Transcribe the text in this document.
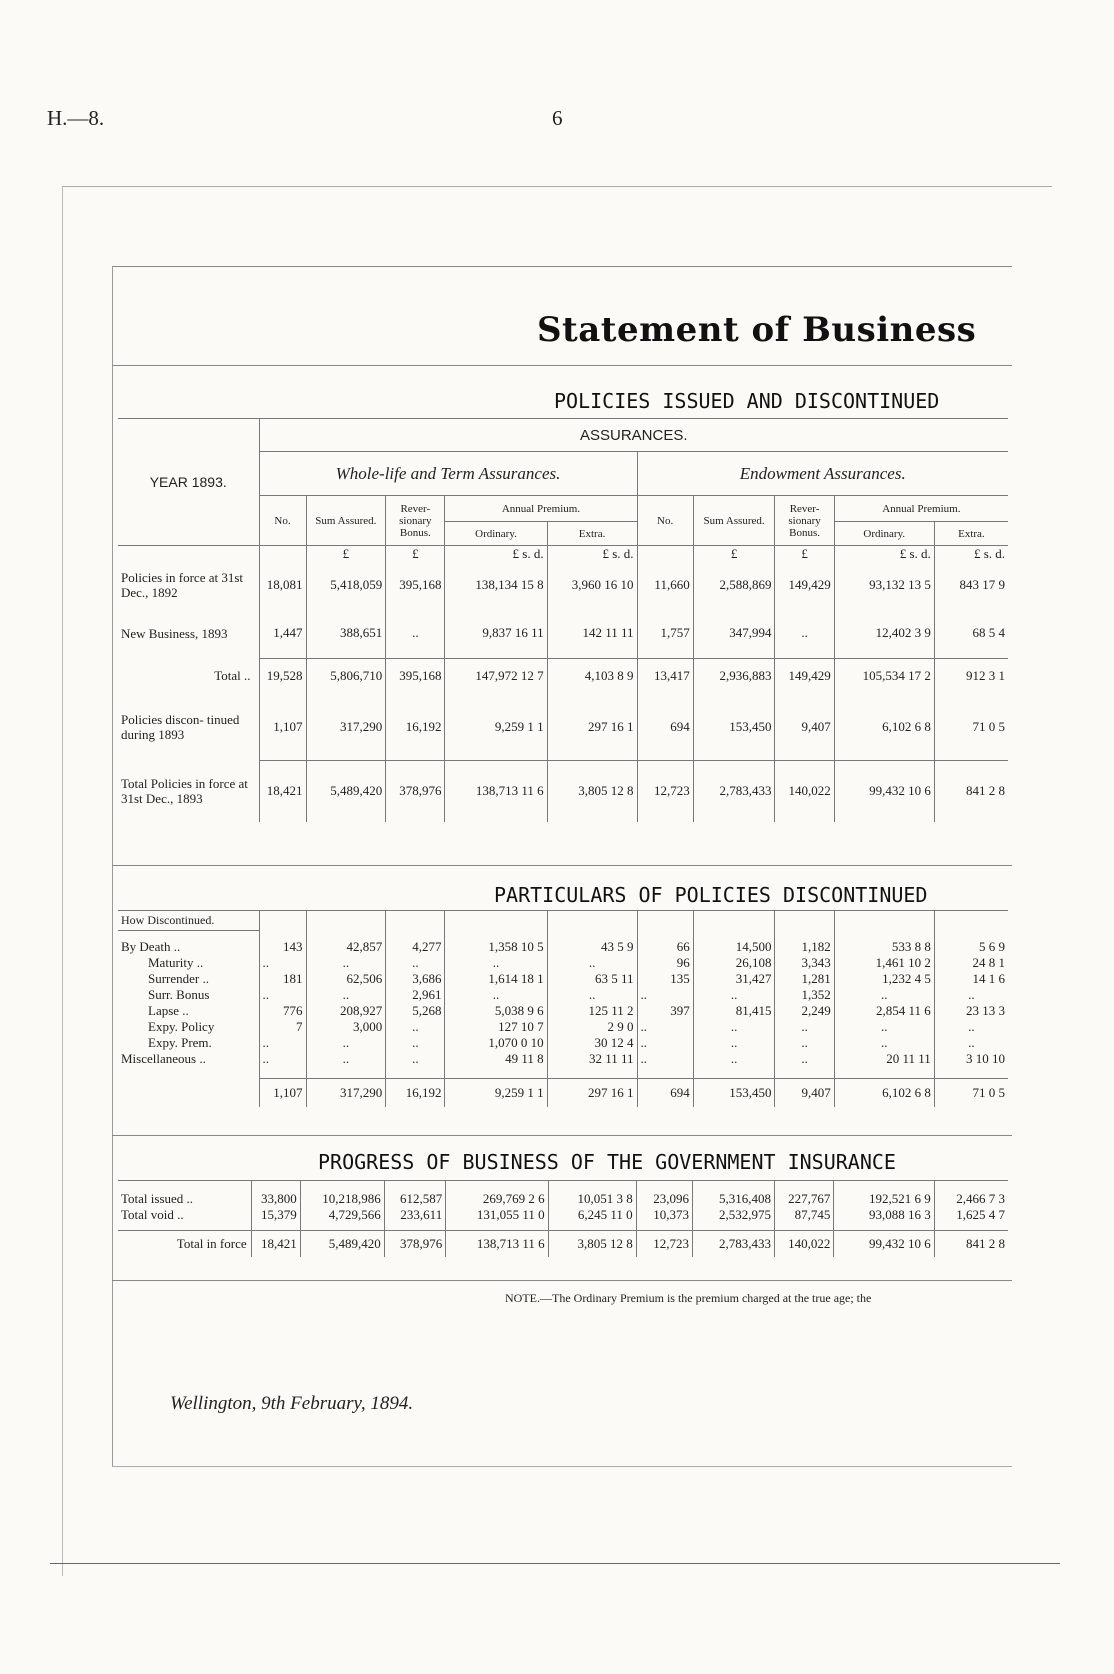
H.—8.	6
Statement of Business
POLICIES ISSUED AND DISCONTINUED
YEAR 1893.	ASSURANCES.									
	Whole-life and Term Assurances.					Endowment Assurances.				
	No.	Sum Assured.	Rever- sionary Bonus.	Annual Premium.		No.	Sum Assured.	Rever- sionary Bonus.	Annual Premium.	
				Ordinary.	Extra.				Ordinary.	Extra.
		£	£	£ s. d.	£ s. d.		£	£	£ s. d.	£ s. d.
Policies in force at 31st Dec., 1892	18,081	5,418,059	395,168	138,134 15 8	3,960 16 10	11,660	2,588,869	149,429	93,132 13 5	843 17 9
New Business, 1893	1,447	388,651	..	9,837 16 11	142 11 11	1,757	347,994	..	12,402 3 9	68 5 4
Total ..	19,528	5,806,710	395,168	147,972 12 7	4,103 8 9	13,417	2,936,883	149,429	105,534 17 2	912 3 1
Policies discon- tinued during 1893	1,107	317,290	16,192	9,259 1 1	297 16 1	694	153,450	9,407	6,102 6 8	71 0 5
Total Policies in force at 31st Dec., 1893	18,421	5,489,420	378,976	138,713 11 6	3,805 12 8	12,723	2,783,433	140,022	99,432 10 6	841 2 8
PARTICULARS OF POLICIES DISCONTINUED
How Discontinued.										

By Death ..	143	42,857	4,277	1,358 10 5	43 5 9	66	14,500	1,182	533 8 8	5 6 9
Maturity ..	..	..	..	..	..	96	26,108	3,343	1,461 10 2	24 8 1
Surrender ..	181	62,506	3,686	1,614 18 1	63 5 11	135	31,427	1,281	1,232 4 5	14 1 6
Surr. Bonus	..	..	2,961	..	..	..	..	1,352	..	..
Lapse ..	776	208,927	5,268	5,038 9 6	125 11 2	397	81,415	2,249	2,854 11 6	23 13 3
Expy. Policy	7	3,000	..	127 10 7	2 9 0	..	..	..	..	..
Expy. Prem.	..	..	..	1,070 0 10	30 12 4	..	..	..	..	..
Miscellaneous ..	..	..	..	49 11 8	32 11 11	..	..	..	20 11 11	3 10 10

	1,107	317,290	16,192	9,259 1 1	297 16 1	694	153,450	9,407	6,102 6 8	71 0 5
PROGRESS OF BUSINESS OF THE GOVERNMENT INSURANCE

Total issued ..	33,800	10,218,986	612,587	269,769 2 6	10,051 3 8	23,096	5,316,408	227,767	192,521 6 9	2,466 7 3
Total void ..	15,379	4,729,566	233,611	131,055 11 0	6,245 11 0	10,373	2,532,975	87,745	93,088 16 3	1,625 4 7

Total in force	18,421	5,489,420	378,976	138,713 11 6	3,805 12 8	12,723	2,783,433	140,022	99,432 10 6	841 2 8
NOTE.—The Ordinary Premium is the premium charged at the true age; the
Wellington, 9th February, 1894.
